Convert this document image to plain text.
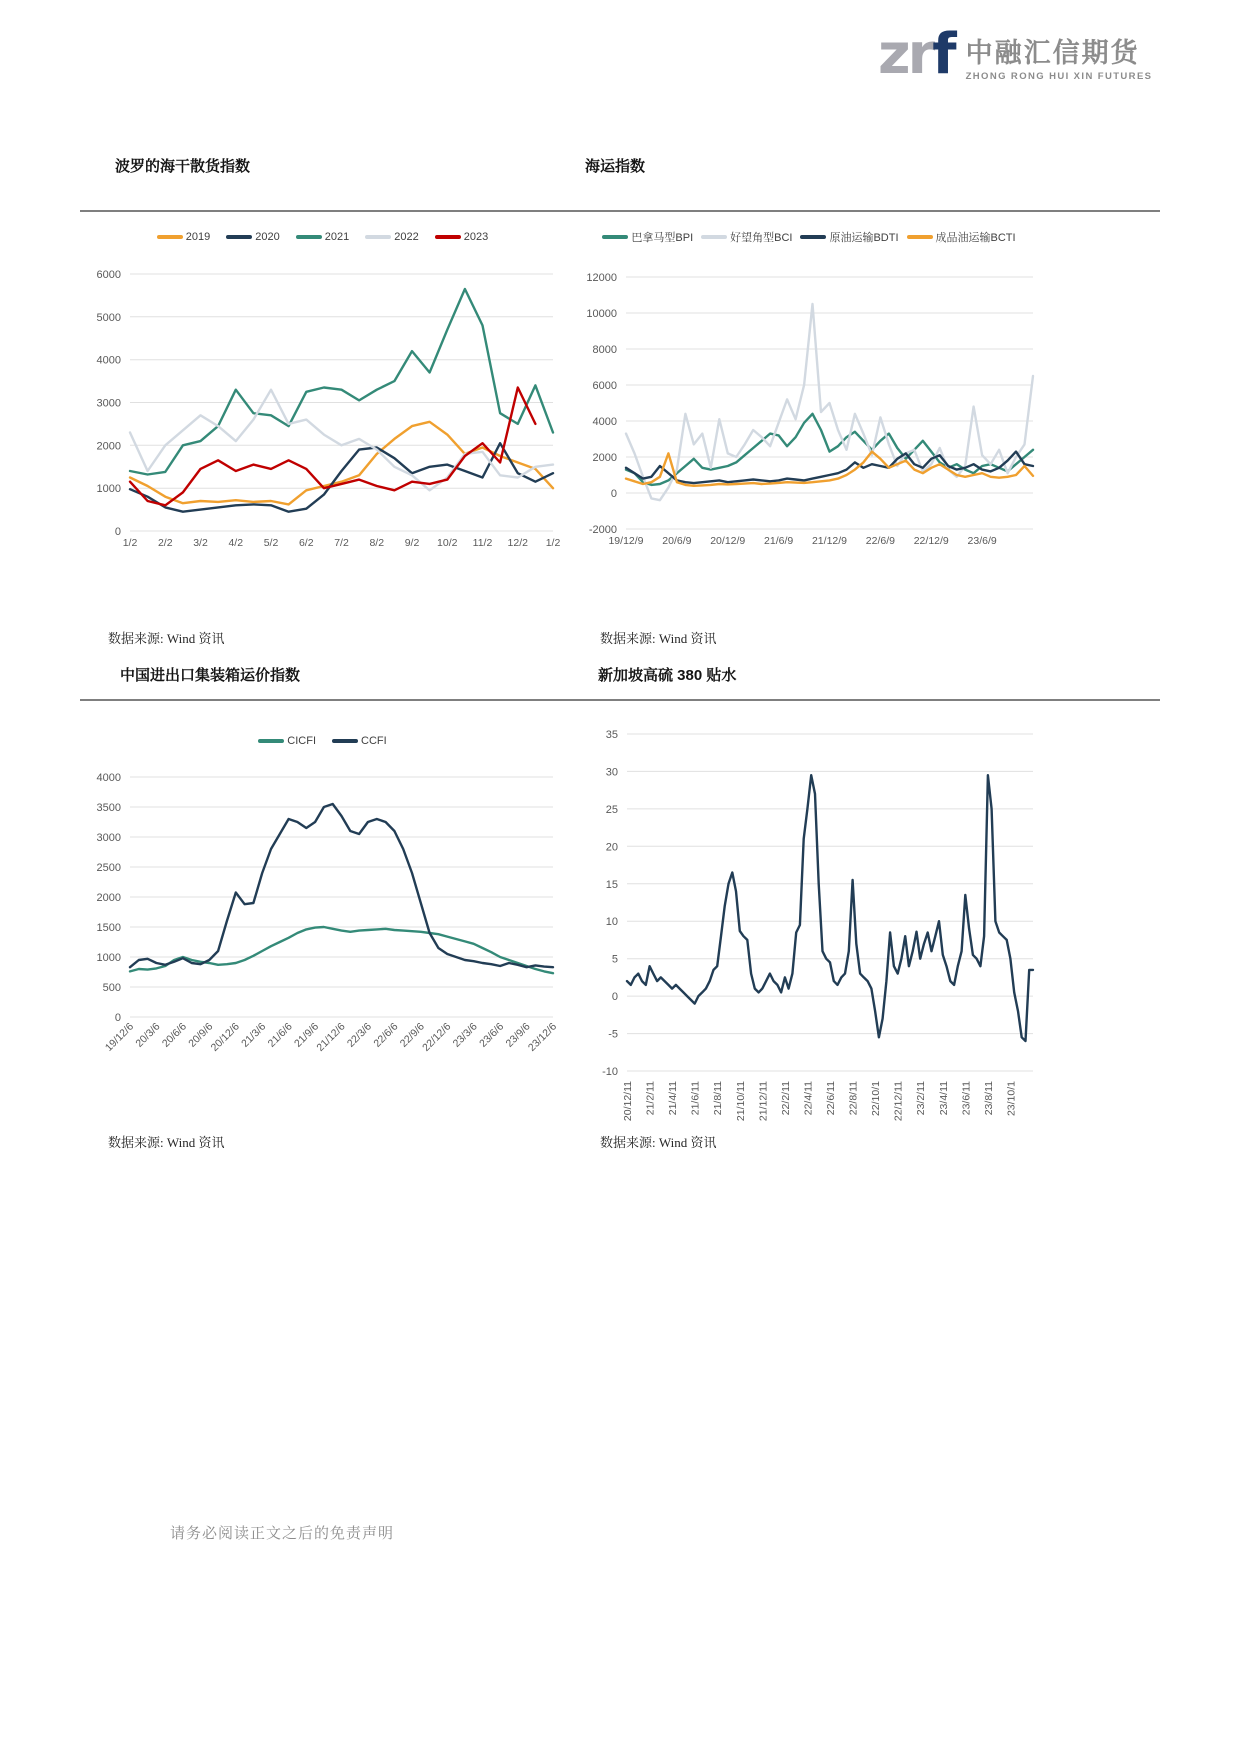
zrf 中融汇信期货
ZHONG RONG HUI XIN FUTURES
波罗的海干散货指数	海运指数
2019	2020	2021	2022	2023
0
1000
2000
3000
4000
5000
6000
1/2 2/2 3/2 4/2 5/2 6/2 7/2 8/2 9/2 10/2 11/2 12/2 1/2
巴拿马型BPI	好望角型BCI	原油运输BDTI	成品油运输BCTI
-2000
0
2000
4000
6000
8000
10000
12000
19/12/9 20/6/9 20/12/9 21/6/9 21/12/9 22/6/9 22/12/9 23/6/9
数据来源: Wind 资讯	数据来源: Wind 资讯
中国进出口集装箱运价指数	新加坡高硫 380 贴水
CICFI	CCFI
0
500
1000
1500
2000
2500
3000
3500
4000
19/12/6
20/3/6
20/6/6
20/9/6
20/12/6
21/3/6
21/6/6
21/9/6
21/12/6
22/3/6
22/6/6
22/9/6
22/12/6
23/3/6
23/6/6
23/9/6
23/12/6
-10
-5
0
5
10
15
20
25
30
35
20/12/11 21/2/11 21/4/11 21/6/11 21/8/11 21/10/11 21/12/11 22/2/11 22/4/11 22/6/11 22/8/11 22/10/1 22/12/11 23/2/11 23/4/11 23/6/11 23/8/11 23/10/1
数据来源: Wind 资讯	数据来源: Wind 资讯
请务必阅读正文之后的免责声明
